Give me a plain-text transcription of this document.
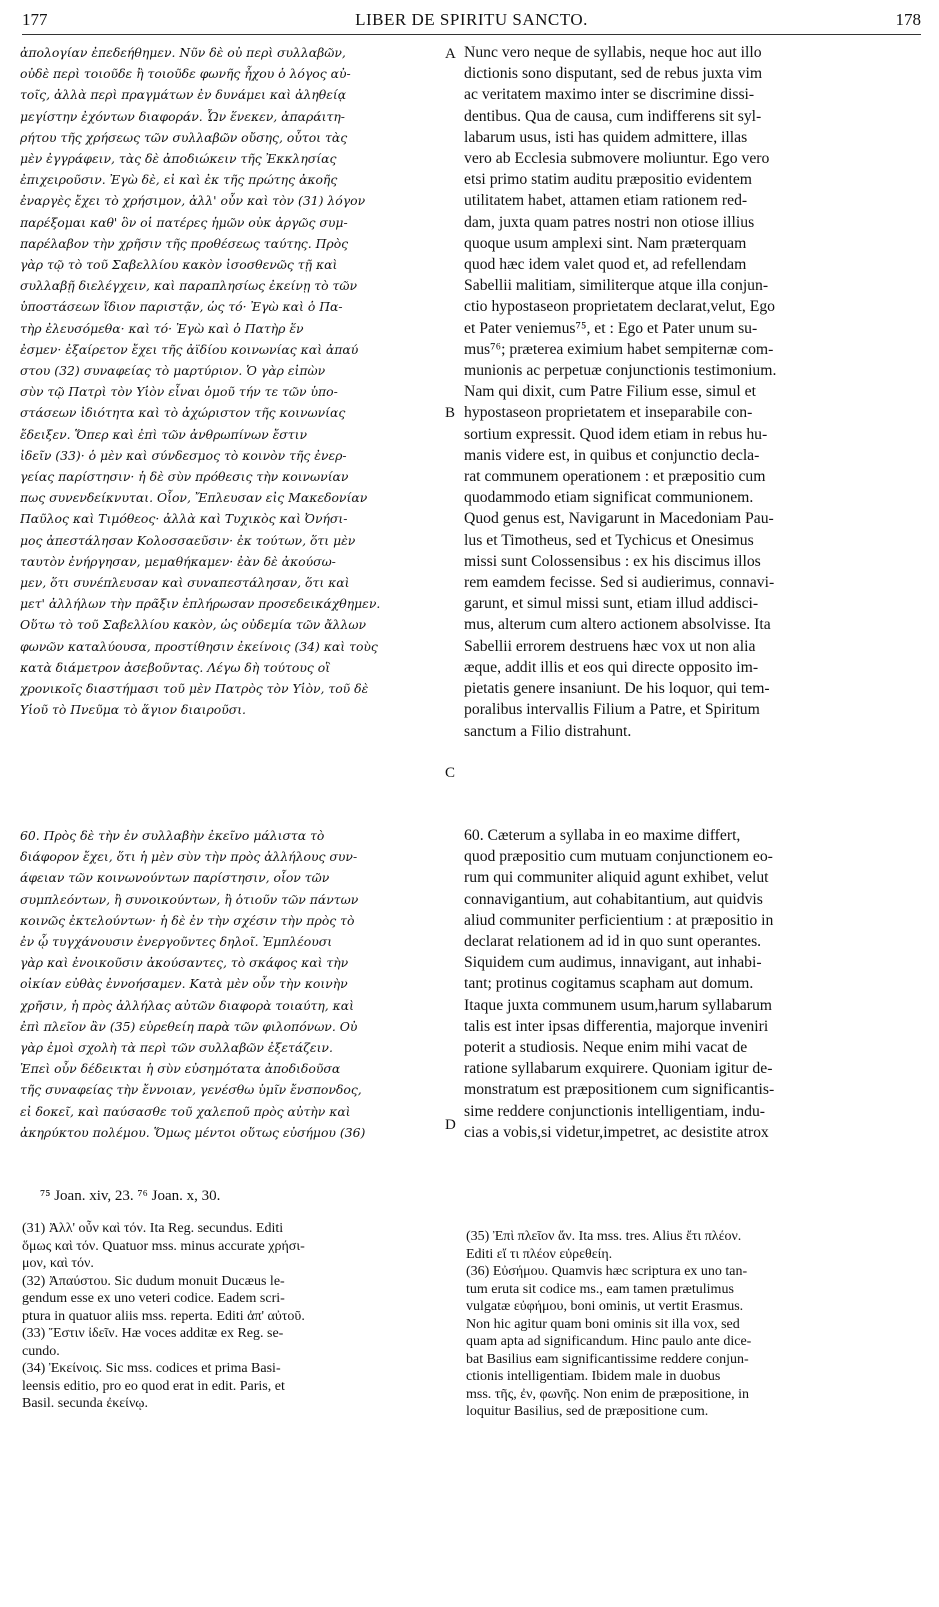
177	LIBER DE SPIRITU SANCTO.	178
ἀπολογίαν ἐπεδεήθημεν. Νῦν δὲ οὐ περὶ συλλαβῶν,
οὐδὲ περὶ τοιοῦδε ἢ τοιοῦδε φωνῆς ἦχου ὁ λόγος αὐ-
τοῖς, ἀλλὰ περὶ πραγμάτων ἐν δυνάμει καὶ ἀληθείᾳ
μεγίστην ἐχόντων διαφοράν. Ὧν ἕνεκεν, ἀπαράιτη-
ρήτου τῆς χρήσεως τῶν συλλαβῶν οὔσης, οὗτοι τὰς
μὲν ἐγγράφειν, τὰς δὲ ἀποδιώκειν τῆς Ἐκκλησίας
ἐπιχειροῦσιν. Ἐγὼ δὲ, εἰ καὶ ἐκ τῆς πρώτης ἀκοῆς
ἐναργὲς ἔχει τὸ χρήσιμον, ἀλλ' οὖν καὶ τὸν (31) λόγον
παρέξομαι καθ' ὃν οἱ πατέρες ἡμῶν οὐκ ἀργῶς συμ-
παρέλαβον τὴν χρῆσιν τῆς προθέσεως ταύτης. Πρὸς
γὰρ τῷ τὸ τοῦ Σαβελλίου κακὸν ἰσοσθενῶς τῇ καὶ
συλλαβῇ διελέγχειν, καὶ παραπλησίως ἐκείνῃ τὸ τῶν
ὑποστάσεων ἴδιον παριστᾷν, ὡς τό· Ἐγὼ καὶ ὁ Πα-
τὴρ ἐλευσόμεθα· καὶ τό· Ἐγὼ καὶ ὁ Πατὴρ ἕν
ἐσμεν· ἐξαίρετον ἔχει τῆς ἀϊδίου κοινωνίας καὶ ἀπαύ
στου (32) συναφείας τὸ μαρτύριον. Ὁ γὰρ εἰπὼν
σὺν τῷ Πατρὶ τὸν Υἱὸν εἶναι ὁμοῦ τήν τε τῶν ὑπο-
στάσεων ἰδιότητα καὶ τὸ ἀχώριστον τῆς κοινωνίας
ἔδειξεν. Ὅπερ καὶ ἐπὶ τῶν ἀνθρωπίνων ἔστιν
ἰδεῖν (33)· ὁ μὲν καὶ σύνδεσμος τὸ κοινὸν τῆς ἐνερ-
γείας παρίστησιν· ἡ δὲ σὺν πρόθεσις τὴν κοινωνίαν
πως συνενδείκνυται. Οἷον, Ἔπλευσαν εἰς Μακεδονίαν
Παῦλος καὶ Τιμόθεος· ἀλλὰ καὶ Τυχικὸς καὶ Ὀνήσι-
μος ἀπεστάλησαν Κολοσσαεῦσιν· ἐκ τούτων, ὅτι μὲν
ταυτὸν ἐνήργησαν, μεμαθήκαμεν· ἐὰν δὲ ἀκούσω-
μεν, ὅτι συνέπλευσαν καὶ συναπεστάλησαν, ὅτι καὶ
μετ' ἀλλήλων τὴν πρᾶξιν ἐπλήρωσαν προσεδεικάχθημεν.
Οὕτω τὸ τοῦ Σαβελλίου κακὸν, ὡς οὐδεμία τῶν ἄλλων
φωνῶν καταλύουσα, προστίθησιν ἐκείνοις (34) καὶ τοὺς
κατὰ διάμετρον ἀσεβοῦντας. Λέγω δὴ τούτους οἳ
χρονικοῖς διαστήμασι τοῦ μὲν Πατρὸς τὸν Υἱὸν, τοῦ δὲ
Υἱοῦ τὸ Πνεῦμα τὸ ἅγιον διαιροῦσι.
60. Πρὸς δὲ τὴν ἐν συλλαβὴν ἐκεῖνο μάλιστα τὸ
διάφορον ἔχει, ὅτι ἡ μὲν σὺν τὴν πρὸς ἀλλήλους συν-
άφειαν τῶν κοινωνούντων παρίστησιν, οἷον τῶν
συμπλεόντων, ἢ συνοικούντων, ἢ ὁτιοῦν τῶν πάντων
κοινῶς ἐκτελούντων· ἡ δὲ ἐν τὴν σχέσιν τὴν πρὸς τὸ
ἐν ᾧ τυγχάνουσιν ἐνεργοῦντες δηλοῖ. Ἐμπλέουσι
γὰρ καὶ ἐνοικοῦσιν ἀκούσαντες, τὸ σκάφος καὶ τὴν
οἰκίαν εὐθὰς ἐννοήσαμεν. Κατὰ μὲν οὖν τὴν κοινὴν
χρῆσιν, ἡ πρὸς ἀλλήλας αὐτῶν διαφορὰ τοιαύτη, καὶ
ἐπὶ πλεῖον ἂν (35) εὑρεθείη παρὰ τῶν φιλοπόνων. Οὐ
γὰρ ἐμοὶ σχολὴ τὰ περὶ τῶν συλλαβῶν ἐξετάζειν.
Ἐπεὶ οὖν δέδεικται ἡ σὺν εὐσημότατα ἀποδιδοῦσα
τῆς συναφείας τὴν ἔννοιαν, γενέσθω ὑμῖν ἔνσπονδος,
εἰ δοκεῖ, καὶ παύσασθε τοῦ χαλεποῦ πρὸς αὐτὴν καὶ
ἀκηρύκτου πολέμου. Ὅμως μέντοι οὕτως εὐσήμου (36)
Nunc vero neque de syllabis, neque hoc aut illo
dictionis sono disputant, sed de rebus juxta vim
ac veritatem maximo inter se discrimine dissi-
dentibus. Qua de causa, cum indifferens sit syl-
labarum usus, isti has quidem admittere, illas
vero ab Ecclesia submovere moliuntur. Ego vero
etsi primo statim auditu præpositio evidentem
utilitatem habet, attamen etiam rationem red-
dam, juxta quam patres nostri non otiose illius
quoque usum amplexi sint. Nam præterquam
quod hæc idem valet quod et, ad refellendam
Sabellii malitiam, similiterque atque illa conjun-
ctio hypostaseon proprietatem declarat,velut, Ego
et Pater veniemus⁷⁵, et : Ego et Pater unum su-
mus⁷⁶; præterea eximium habet sempiternæ com-
munionis ac perpetuæ conjunctionis testimonium.
Nam qui dixit, cum Patre Filium esse, simul et
hypostaseon proprietatem et inseparabile con-
sortium expressit. Quod idem etiam in rebus hu-
manis videre est, in quibus et conjunctio decla-
rat communem operationem : et præpositio cum
quodammodo etiam significat communionem.
Quod genus est, Navigarunt in Macedoniam Pau-
lus et Timotheus, sed et Tychicus et Onesimus
missi sunt Colossensibus : ex his discimus illos
rem eamdem fecisse. Sed si audierimus, connavi-
garunt, et simul missi sunt, etiam illud addisci-
mus, alterum cum altero actionem absolvisse. Ita
Sabellii errorem destruens hæc vox ut non alia
æque, addit illis et eos qui directe opposito im-
pietatis genere insaniunt. De his loquor, qui tem-
poralibus intervallis Filium a Patre, et Spiritum
sanctum a Filio distrahunt.
60. Cæterum a syllaba in eo maxime differt,
quod præpositio cum mutuam conjunctionem eo-
rum qui communiter aliquid agunt exhibet, velut
connavigantium, aut cohabitantium, aut quidvis
aliud communiter perficientium : at præpositio in
declarat relationem ad id in quo sunt operantes.
Siquidem cum audimus, innavigant, aut inhabi-
tant; protinus cogitamus scapham aut domum.
Itaque juxta communem usum,harum syllabarum
talis est inter ipsas differentia, majorque inveniri
poterit a studiosis. Neque enim mihi vacat de
ratione syllabarum exquirere. Quoniam igitur de-
monstratum est præpositionem cum significantis-
sime reddere conjunctionis intelligentiam, indu-
cias a vobis,si videtur,impetret, ac desistite atrox
A
B
C
D
⁷⁵ Joan. xiv, 23. ⁷⁶ Joan. x, 30.
(31) Ἀλλ' οὖν καὶ τόν. Ita Reg. secundus. Editi
ὅμως καὶ τόν. Quatuor mss. minus accurate χρήσι-
μον, καὶ τόν.
(32) Ἀπαύστου. Sic dudum monuit Ducæus le-
gendum esse ex uno veteri codice. Eadem scri-
ptura in quatuor aliis mss. reperta. Editi ἀπ' αὐτοῦ.
(33) Ἔστιν ἰδεῖν. Hæ voces additæ ex Reg. se-
cundo.
(34) Ἐκείνοις. Sic mss. codices et prima Basi-
leensis editio, pro eo quod erat in edit. Paris, et
Basil. secunda ἐκείνῳ.
(35) Ἐπὶ πλεῖον ἄν. Ita mss. tres. Alius ἔτι πλέον.
Editi εἴ τι πλέον εὑρεθείη.
(36) Εὐσήμου. Quamvis hæc scriptura ex uno tan-
tum eruta sit codice ms., eam tamen prætulimus
vulgatæ εὐφήμου, boni ominis, ut vertit Erasmus.
Non hic agitur quam boni ominis sit illa vox, sed
quam apta ad significandum. Hinc paulo ante dice-
bat Basilius eam significantissime reddere conjun-
ctionis intelligentiam. Ibidem male in duobus
mss. τῆς, ἐν, φωνῆς. Non enim de præpositione, in
loquitur Basilius, sed de præpositione cum.
